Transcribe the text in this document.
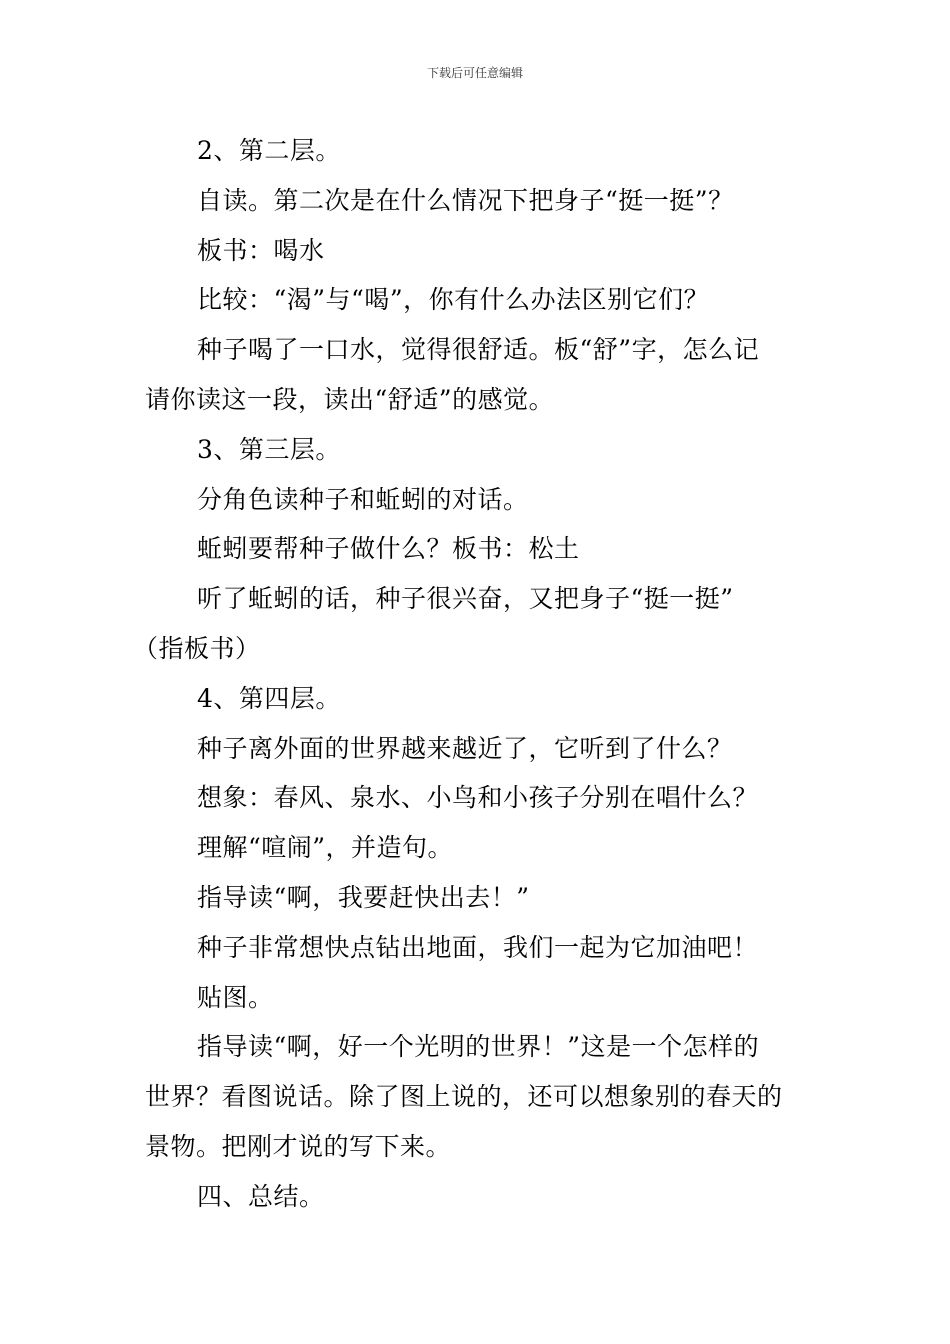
下载后可任意编辑
2、第二层。
自读。第二次是在什么情况下把身子“挺一挺”？
板书：喝水
比较：“渴”与“喝”，你有什么办法区别它们？
种子喝了一口水，觉得很舒适。板“舒”字，怎么记
请你读这一段，读出“舒适”的感觉。
3、第三层。
分角色读种子和蚯蚓的对话。
蚯蚓要帮种子做什么？板书：松土
听了蚯蚓的话，种子很兴奋，又把身子“挺一挺”
（指板书）
4、第四层。
种子离外面的世界越来越近了，它听到了什么？
想象：春风、泉水、小鸟和小孩子分别在唱什么？
理解“喧闹”，并造句。
指导读“啊，我要赶快出去！”
种子非常想快点钻出地面，我们一起为它加油吧！
贴图。
指导读“啊，好一个光明的世界！”这是一个怎样的
世界？看图说话。除了图上说的，还可以想象别的春天的
景物。把刚才说的写下来。
四、总结。
